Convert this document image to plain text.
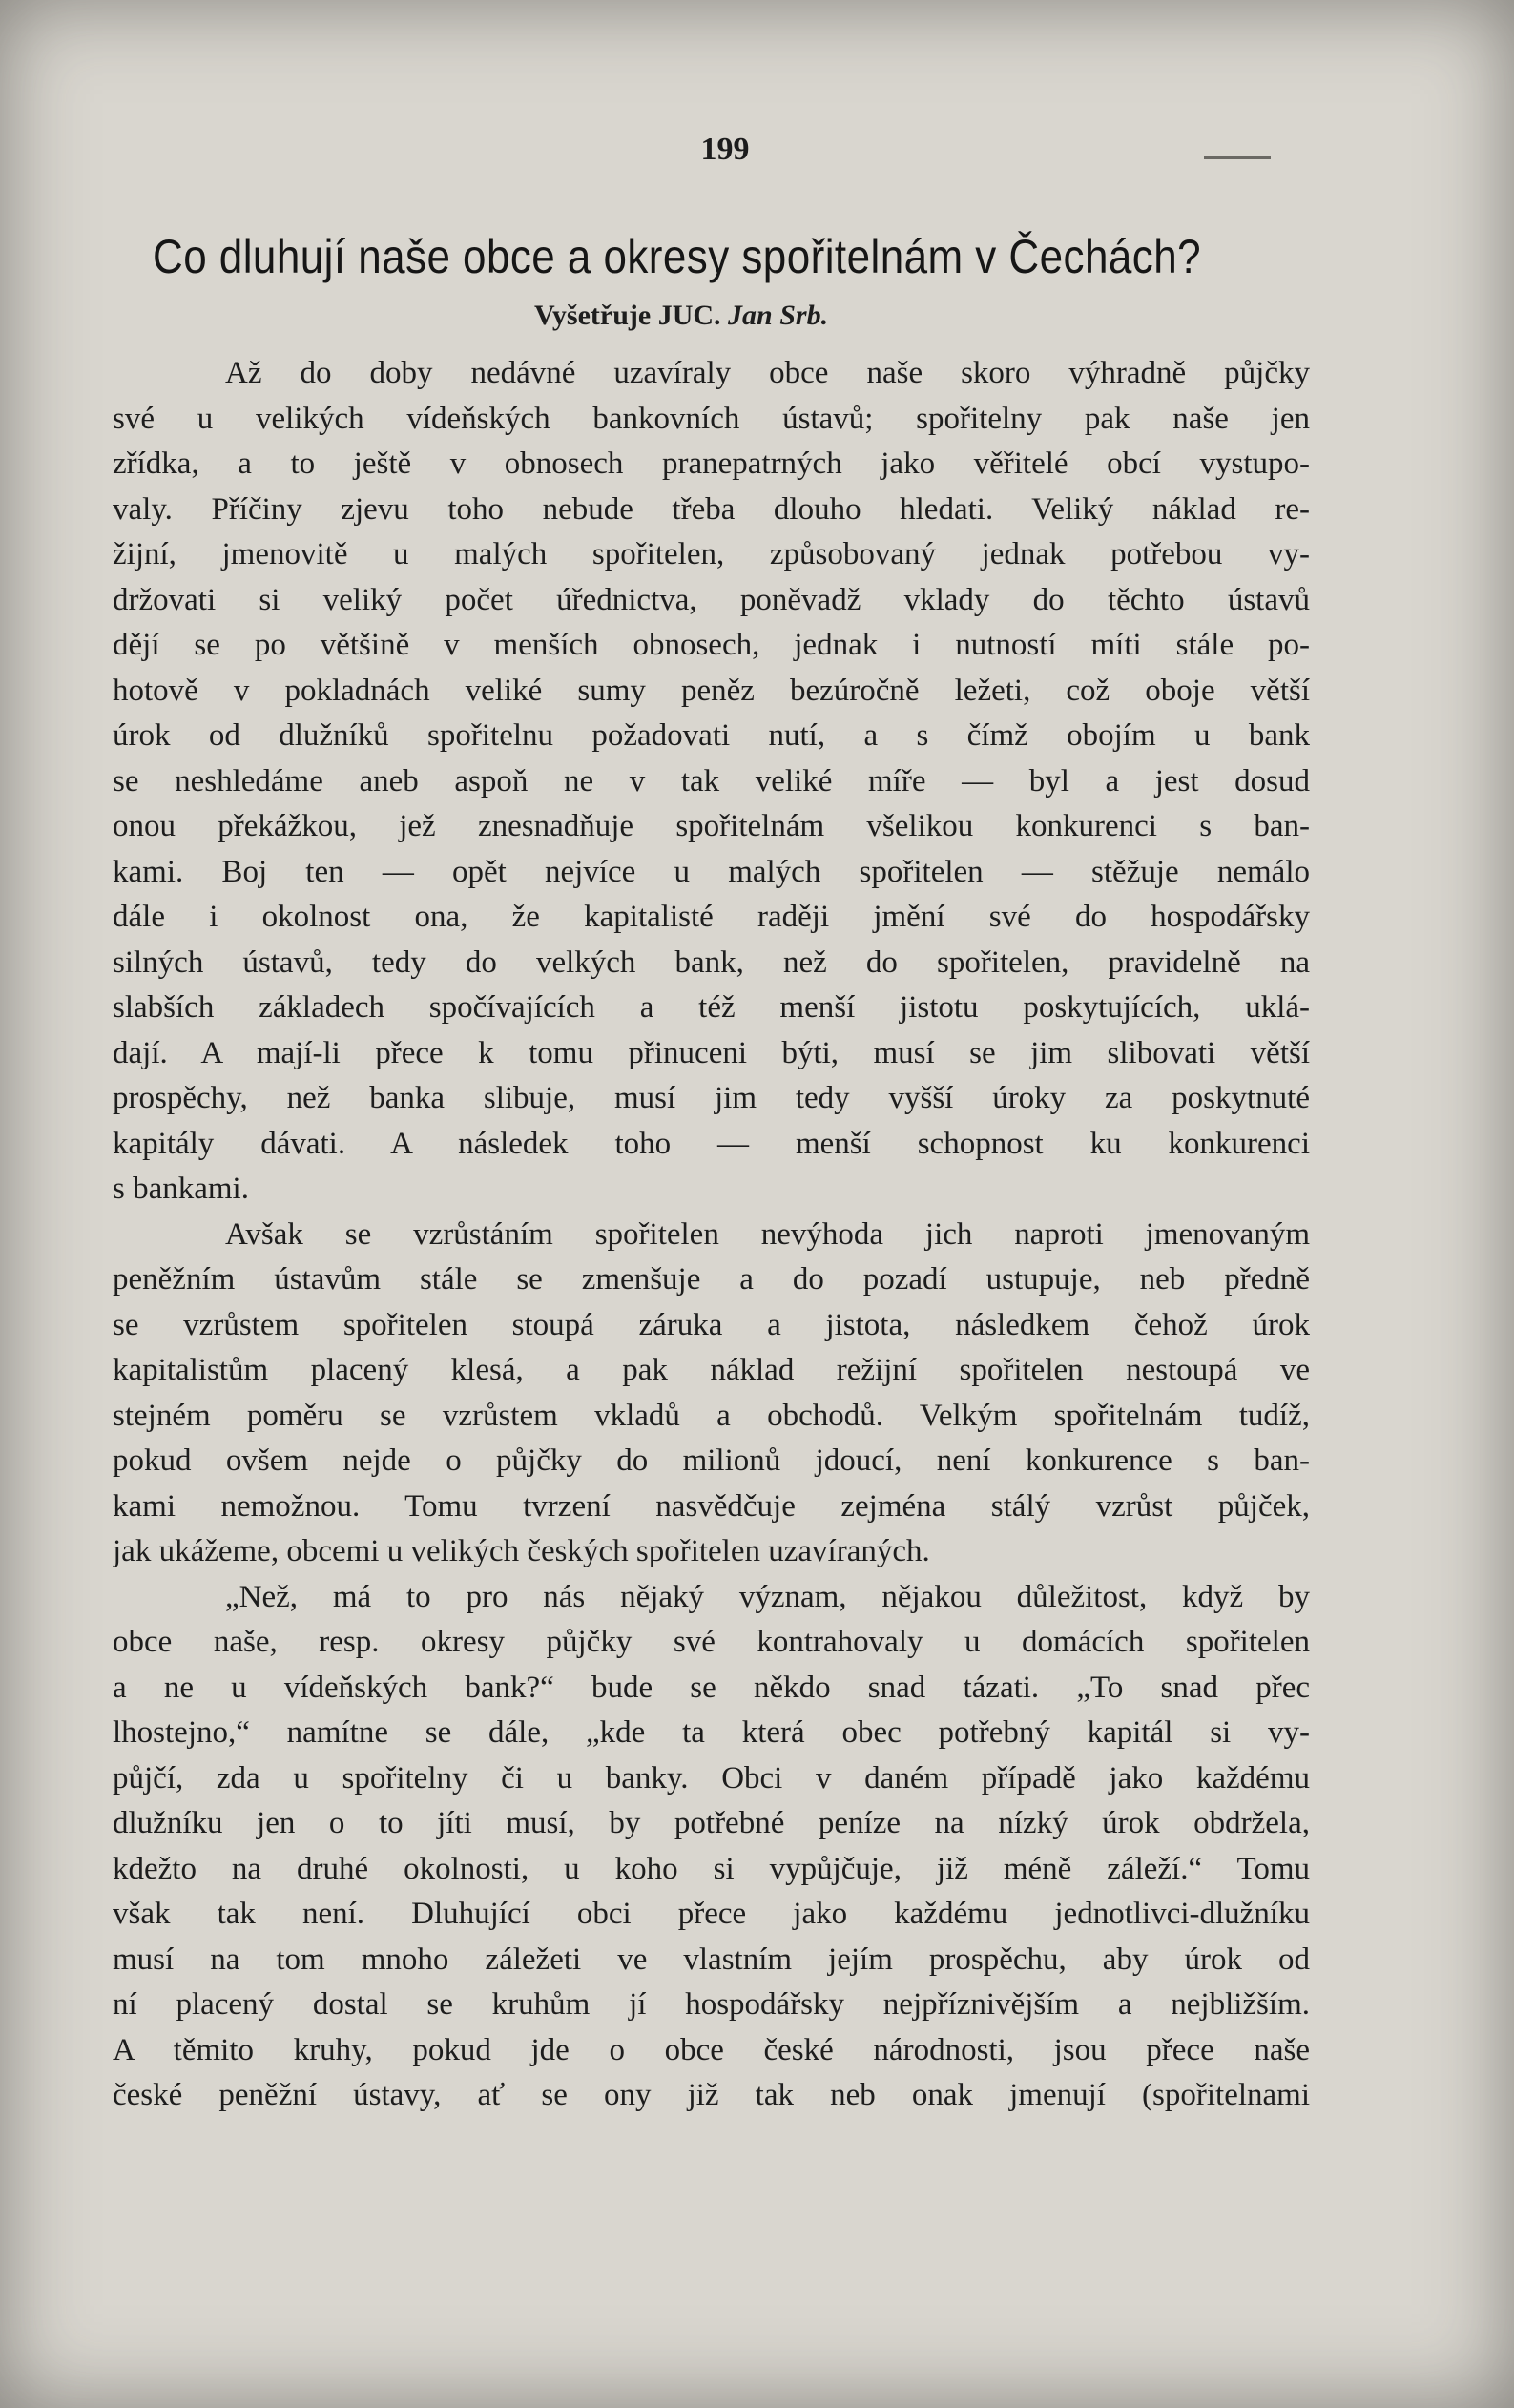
199
Co dluhují naše obce a okresy spořitelnám v Čechách?
Vyšetřuje JUC. Jan Srb.
Až do doby nedávné uzavíraly obce naše skoro výhradně půjčky
své u velikých vídeňských bankovních ústavů; spořitelny pak naše jen
zřídka, a to ještě v obnosech pranepatrných jako věřitelé obcí vystupo-
valy. Příčiny zjevu toho nebude třeba dlouho hledati. Veliký náklad re-
žijní, jmenovitě u malých spořitelen, způsobovaný jednak potřebou vy-
držovati si veliký počet úřednictva, poněvadž vklady do těchto ústavů
dějí se po většině v menších obnosech, jednak i nutností míti stále po-
hotově v pokladnách veliké sumy peněz bezúročně ležeti, což oboje větší
úrok od dlužníků spořitelnu požadovati nutí, a s čímž obojím u bank
se neshledáme aneb aspoň ne v tak veliké míře — byl a jest dosud
onou překážkou, jež znesnadňuje spořitelnám všelikou konkurenci s ban-
kami. Boj ten — opět nejvíce u malých spořitelen — stěžuje nemálo
dále i okolnost ona, že kapitalisté raději jmění své do hospodářsky
silných ústavů, tedy do velkých bank, než do spořitelen, pravidelně na
slabších základech spočívajících a též menší jistotu poskytujících, uklá-
dají. A mají-li přece k tomu přinuceni býti, musí se jim slibovati větší
prospěchy, než banka slibuje, musí jim tedy vyšší úroky za poskytnuté
kapitály dávati. A následek toho — menší schopnost ku konkurenci
s bankami.
Avšak se vzrůstáním spořitelen nevýhoda jich naproti jmenovaným
peněžním ústavům stále se zmenšuje a do pozadí ustupuje, neb předně
se vzrůstem spořitelen stoupá záruka a jistota, následkem čehož úrok
kapitalistům placený klesá, a pak náklad režijní spořitelen nestoupá ve
stejném poměru se vzrůstem vkladů a obchodů. Velkým spořitelnám tudíž,
pokud ovšem nejde o půjčky do milionů jdoucí, není konkurence s ban-
kami nemožnou. Tomu tvrzení nasvědčuje zejména stálý vzrůst půjček,
jak ukážeme, obcemi u velikých českých spořitelen uzavíraných.
„Než, má to pro nás nějaký význam, nějakou důležitost, když by
obce naše, resp. okresy půjčky své kontrahovaly u domácích spořitelen
a ne u vídeňských bank?“ bude se někdo snad tázati. „To snad přec
lhostejno,“ namítne se dále, „kde ta která obec potřebný kapitál si vy-
půjčí, zda u spořitelny či u banky. Obci v daném případě jako každému
dlužníku jen o to jíti musí, by potřebné peníze na nízký úrok obdržela,
kdežto na druhé okolnosti, u koho si vypůjčuje, již méně záleží.“ Tomu
však tak není. Dluhující obci přece jako každému jednotlivci-dlužníku
musí na tom mnoho záležeti ve vlastním jejím prospěchu, aby úrok od
ní placený dostal se kruhům jí hospodářsky nejpříznivějším a nejbližším.
A těmito kruhy, pokud jde o obce české národnosti, jsou přece naše
české peněžní ústavy, ať se ony již tak neb onak jmenují (spořitelnami
